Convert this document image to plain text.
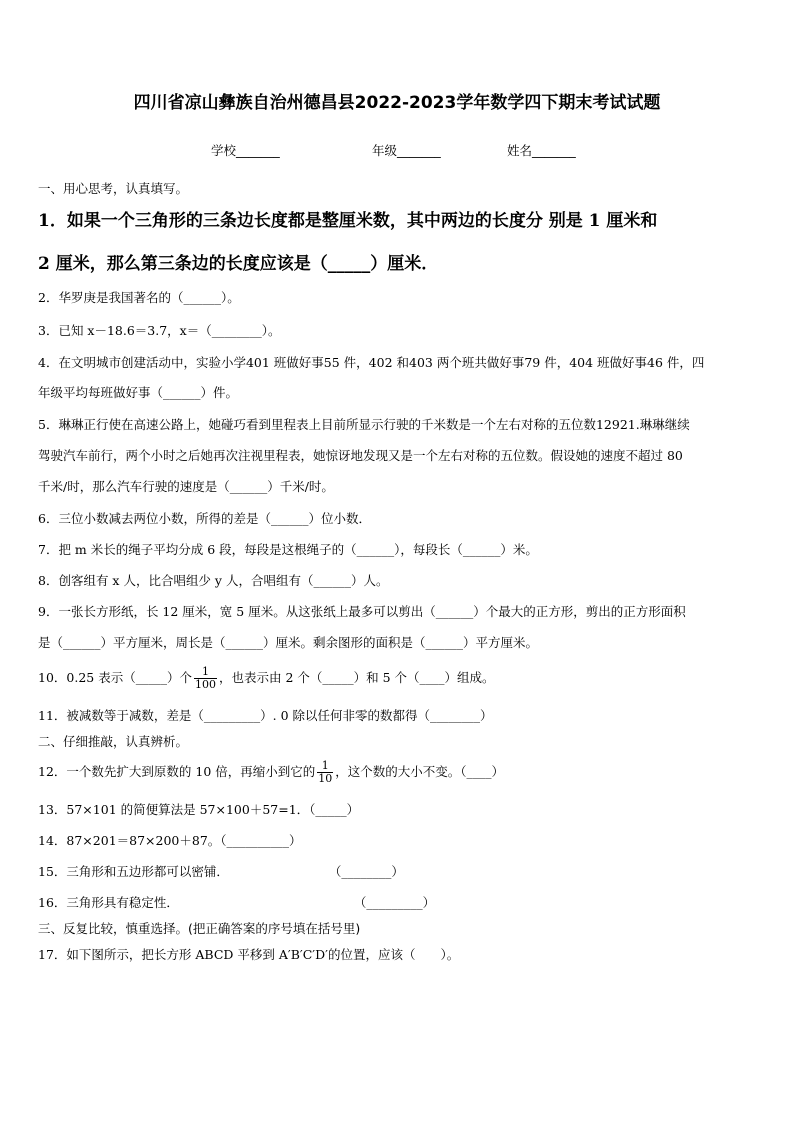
四川省凉山彝族自治州德昌县2022-2023学年数学四下期末考试试题
学校_______	年级_______	姓名_______
一、用心思考，认真填写。
1．如果一个三角形的三条边长度都是整厘米数，其中两边的长度分 别是 1 厘米和
2 厘米，那么第三条边的长度应该是（_____）厘米．
2．华罗庚是我国著名的（______）。
3．已知 x－18.6＝3.7，x＝（________）。
4．在文明城市创建活动中，实验小学401 班做好事55 件，402 和403 两个班共做好事79 件，404 班做好事46 件，四
年级平均每班做好事（______）件。
5．琳琳正行使在高速公路上，她碰巧看到里程表上目前所显示行驶的千米数是一个左右对称的五位数12921.琳琳继续
驾驶汽车前行，两个小时之后她再次注视里程表，她惊讶地发现又是一个左右对称的五位数。假设她的速度不超过 80
千米/时，那么汽车行驶的速度是（______）千米/时。
6．三位小数减去两位小数，所得的差是（______）位小数．
7．把 m 米长的绳子平均分成 6 段，每段是这根绳子的（______），每段长（______）米。
8．创客组有 x 人，比合唱组少 y 人，合唱组有（______）人。
9．一张长方形纸，长 12 厘米，宽 5 厘米。从这张纸上最多可以剪出（______）个最大的正方形，剪出的正方形面积
是（______）平方厘米，周长是（______）厘米。剩余图形的面积是（______）平方厘米。
10．0.25 表示（_____）个 $\frac{1}{100}$ ，也表示由 2 个（_____）和 5 个（____）组成。
11．被减数等于减数，差是（_________）. 0 除以任何非零的数都得（________）
二、仔细推敲，认真辨析。
12．一个数先扩大到原数的 10 倍，再缩小到它的 $\frac{1}{10}$ ，这个数的大小不变。（____）
13．57×101 的简便算法是 57×100＋57=1．（_____）
14．87×201＝87×200＋87。（__________）
15．三角形和五边形都可以密铺．　　　　　　　　　（________）
16．三角形具有稳定性．　　　　　　　　　　　　　　　（_________）
三、反复比较，慎重选择。(把正确答案的序号填在括号里)
17．如下图所示，把长方形 ABCD 平移到 A′B′C′D′的位置，应该（　　）。
